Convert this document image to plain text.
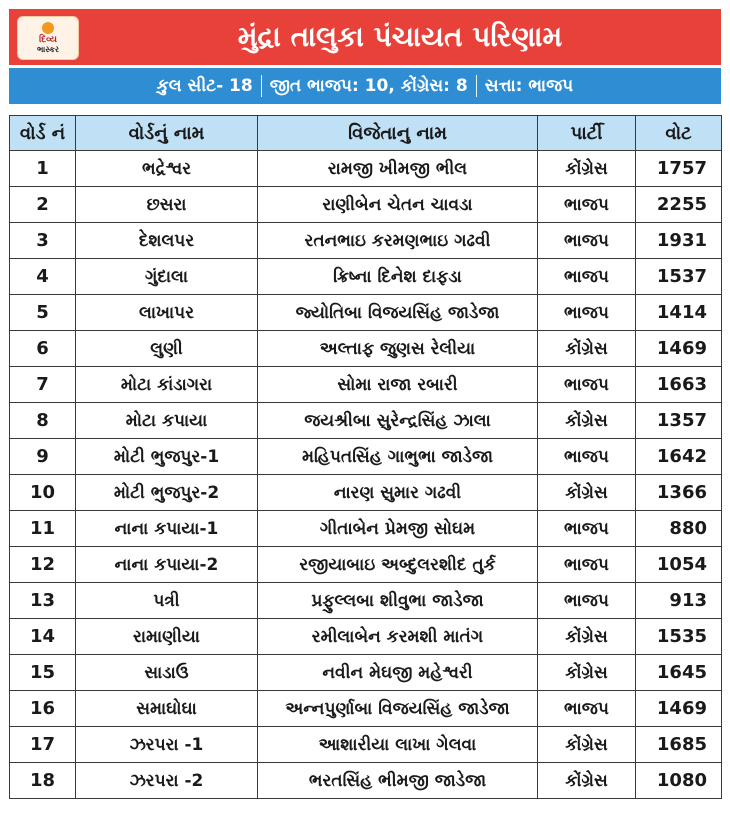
દિવ્ય
ભાસ્કર	મુંદ્રા તાલુકા પંચાયત પરિણામ
કુલ સીટ- 18 જીત ભાજપ: 10, કોંગ્રેસ: 8 સત્તા: ભાજપ
વોર્ડ નં	વોર્ડનું નામ	વિજેતાનુ નામ	પાર્ટી	વોટ
1	ભદ્રેશ્વર	રામજી ખીમજી ભીલ	કોંગ્રેસ	1757
2	છસરા	રાણીબેન ચેતન ચાવડા	ભાજપ	2255
3	દેશલપર	રતનભાઇ કરમણભાઇ ગઢવી	ભાજપ	1931
4	ગુંદાલા	ક્રિષ્ના દિનેશ દાફડા	ભાજપ	1537
5	લાખાપર	જ્યોતિબા વિજયસિંહ જાડેજા	ભાજપ	1414
6	લુણી	અલ્તાફ જુણસ રેલીયા	કોંગ્રેસ	1469
7	મોટા કાંડાગરા	સોમા રાજા રબારી	ભાજપ	1663
8	મોટા કપાયા	જયશ્રીબા સુરેન્દ્રસિંહ ઝાલા	કોંગ્રેસ	1357
9	મોટી ભુજપુર-1	મહિપતસિંહ ગાભુભા જાડેજા	ભાજપ	1642
10	મોટી ભુજપુર-2	નારણ સુમાર ગઢવી	કોંગ્રેસ	1366
11	નાના કપાયા-1	ગીતાબેન પ્રેમજી સોઘમ	ભાજપ	880
12	નાના કપાયા-2	રજીયાબાઇ અબ્દુલરશીદ તુર્ક	ભાજપ	1054
13	પત્રી	પ્રફુલ્લબા શીવુભા જાડેજા	ભાજપ	913
14	રામાણીયા	રમીલાબેન કરમશી માતંગ	કોંગ્રેસ	1535
15	સાડાઉ	નવીન મેઘજી મહેશ્વરી	કોંગ્રેસ	1645
16	સમાઘોઘા	અન્નપુર્ણાબા વિજયસિંહ જાડેજા	ભાજપ	1469
17	ઝરપરા -1	આશારીયા લાખા ગેલવા	કોંગ્રેસ	1685
18	ઝરપરા -2	ભરતસિંહ ભીમજી જાડેજા	કોંગ્રેસ	1080
